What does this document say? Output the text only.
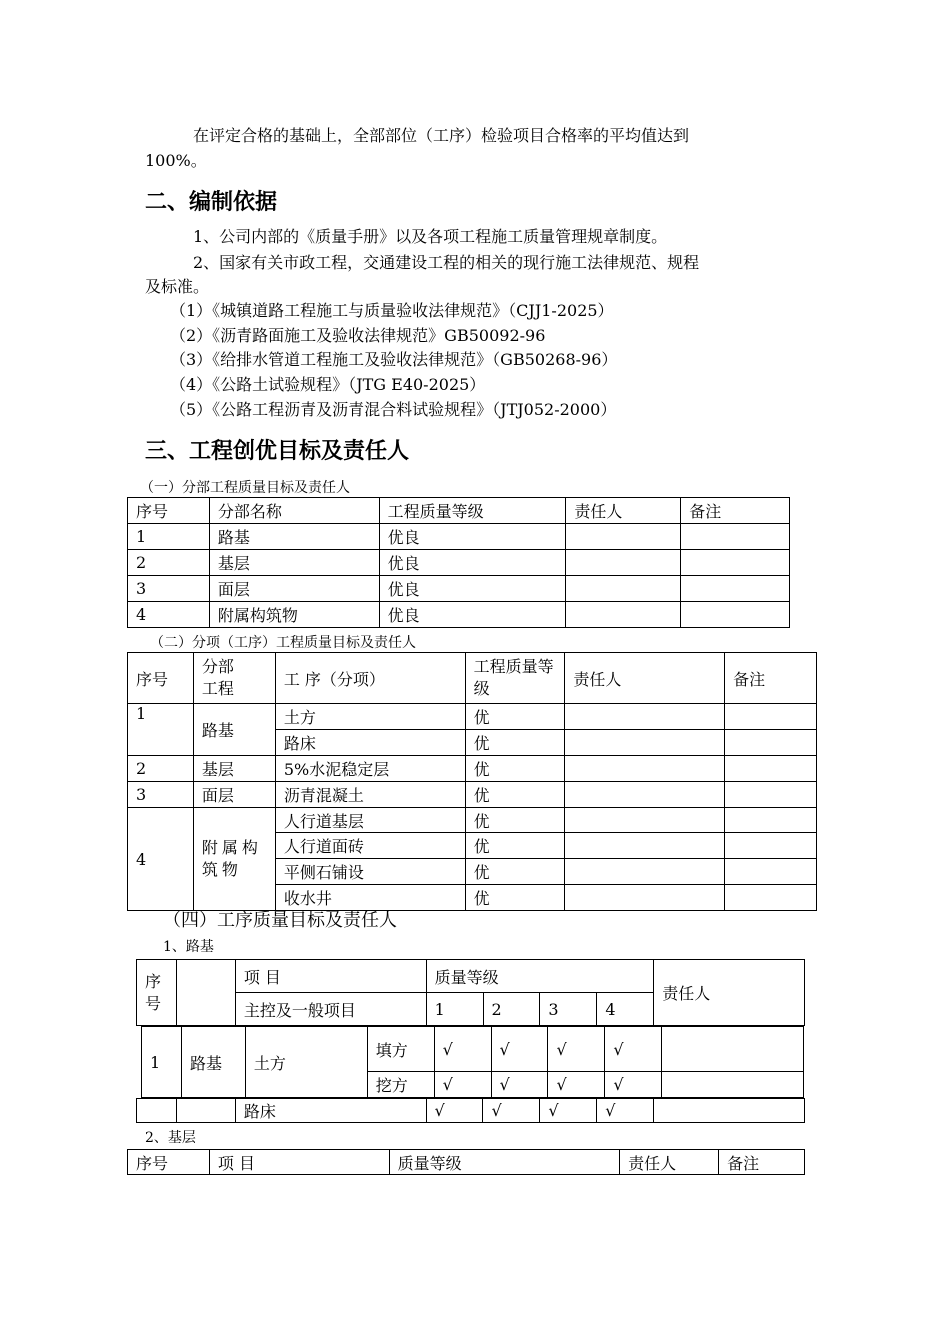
在评定合格的基础上，全部部位（工序）检验项目合格率的平均值达到
100%。
二、编制依据
1、公司内部的《质量手册》以及各项工程施工质量管理规章制度。
2、国家有关市政工程，交通建设工程的相关的现行施工法律规范、规程
及标准。
（1）《城镇道路工程施工与质量验收法律规范》（CJJ1-2025）
（2）《沥青路面施工及验收法律规范》GB50092-96
（3）《给排水管道工程施工及验收法律规范》（GB50268-96）
（4）《公路土试验规程》（JTG E40-2025）
（5）《公路工程沥青及沥青混合料试验规程》（JTJ052-2000）
三、工程创优目标及责任人
（一）分部工程质量目标及责任人
序号	分部名称	工程质量等级	责任人	备注
1	路基	优良		
2	基层	优良		
3	面层	优良		
4	附属构筑物	优良		
（二）分项（工序）工程质量目标及责任人
序号	分部工程	工 序（分项）	工程质量等级	责任人	备注
1	路基	土方	优		
		路床	优		
2	基层	5%水泥稳定层	优		
3	面层	沥青混凝土	优		
4	附属构筑物	人行道基层	优		
		人行道面砖	优		
		平侧石铺设	优		
		收水井	优		
（四）工序质量目标及责任人
1、路基
序号		项 目	质量等级				责任人
		主控及一般项目	1	2	3	4	
1	路基	土方	填方	√	√	√	√	
			挖方	√	√	√	√	
		路床	√	√	√	√	
2、基层
序号	项 目	质量等级	责任人	备注
